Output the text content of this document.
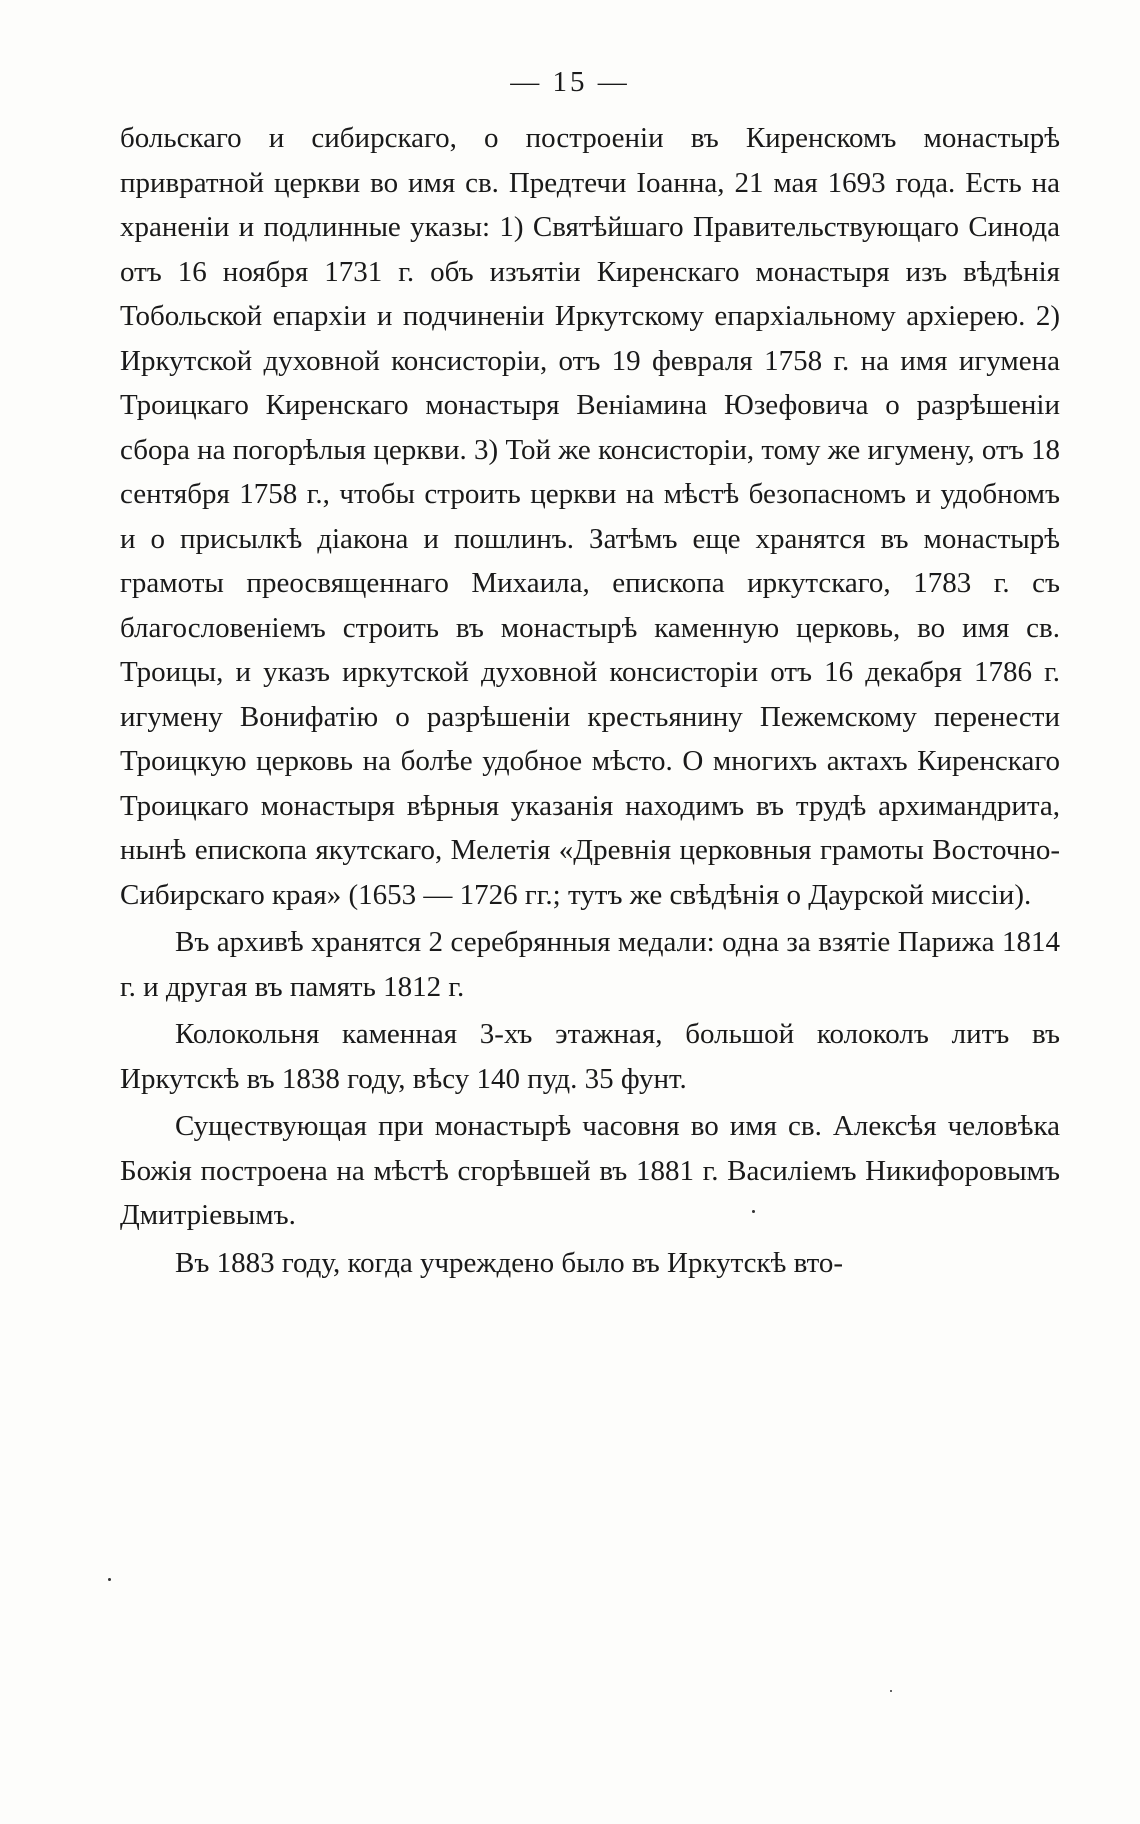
— 15 —

больскаго и сибирскаго, о построеніи въ Киренскомъ монастырѣ привратной церкви во имя св. Предтечи Іоанна, 21 мая 1693 года. Есть на храненіи и подлинные указы: 1) Святѣйшаго Правительствующаго Синода отъ 16 ноября 1731 г. объ изъятіи Киренскаго монастыря изъ вѣдѣнія Тобольской епархіи и подчиненіи Иркутскому епархіальному архіерею. 2) Иркутской духовной консисторіи, отъ 19 февраля 1758 г. на имя игумена Троицкаго Киренскаго монастыря Веніамина Юзефовича о разрѣшеніи сбора на погорѣлыя церкви. 3) Той же консисторіи, тому же игумену, отъ 18 сентября 1758 г., чтобы строить церкви на мѣстѣ безопасномъ и удобномъ и о присылкѣ діакона и пошлинъ. Затѣмъ еще хранятся въ монастырѣ грамоты преосвященнаго Михаила, епископа иркутскаго, 1783 г. съ благословеніемъ строить въ монастырѣ каменную церковь, во имя св. Троицы, и указъ иркутской духовной консисторіи отъ 16 декабря 1786 г. игумену Вонифатію о разрѣшеніи крестьянину Пежемскому перенести Троицкую церковь на болѣе удобное мѣсто. О многихъ актахъ Киренскаго Троицкаго монастыря вѣрныя указанія находимъ въ трудѣ архимандрита, нынѣ епископа якутскаго, Мелетія «Древнія церковныя грамоты Восточно-Сибирскаго края» (1653 — 1726 гг.; тутъ же свѣдѣнія о Даурской миссіи).

Въ архивѣ хранятся 2 серебрянныя медали: одна за взятіе Парижа 1814 г. и другая въ память 1812 г.

Колокольня каменная 3-хъ этажная, большой колоколъ литъ въ Иркутскѣ въ 1838 году, вѣсу 140 пуд. 35 фунт.

Существующая при монастырѣ часовня во имя св. Алексѣя человѣка Божія построена на мѣстѣ сгорѣвшей въ 1881 г. Василіемъ Никифоровымъ Дмитріевымъ.

Въ 1883 году, когда учреждено было въ Иркутскѣ вто-
